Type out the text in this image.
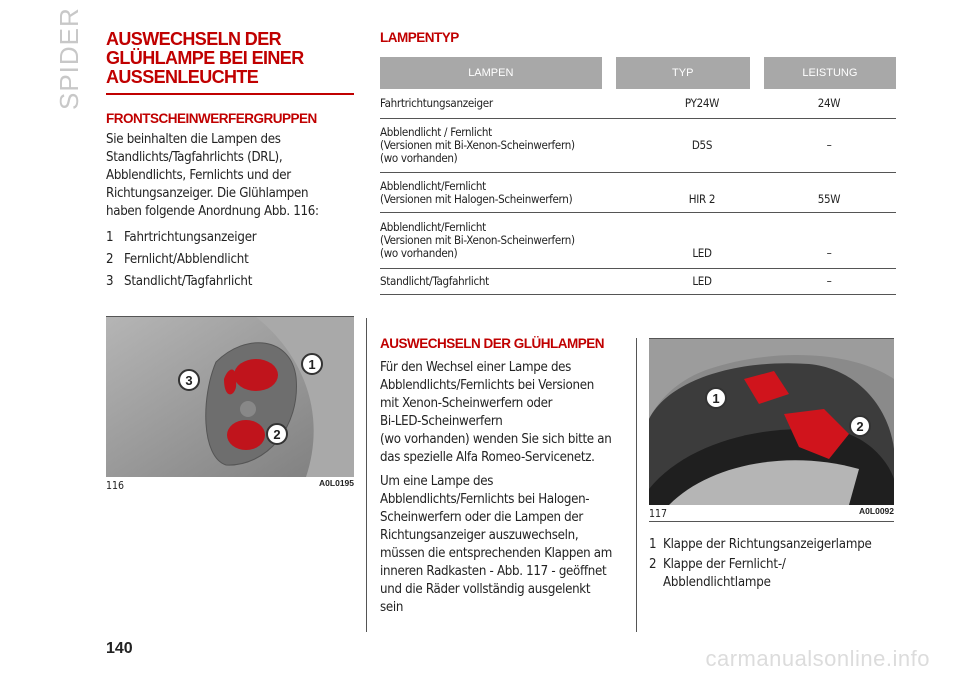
SPIDER AUSWECHSELN DER
GLÜHLAMPE BEI EINER
AUSSENLEUCHTE
FRONTSCHEINWERFERGRUPPEN
Sie beinhalten die Lampen des
Standlichts/Tagfahrlichts (DRL),
Abblendlichts, Fernlichts und der
Richtungsanzeiger. Die Glühlampen
haben folgende Anordnung Abb. 116:
1 Fahrtrichtungsanzeiger
2 Fernlicht/Abblendlicht
3 Standlicht/Tagfahrlicht
1
2
3
116	A0L0195
LAMPENTYP
LAMPEN	TYP	LEISTUNG
Fahrtrichtungsanzeiger	PY24W	24W
Abblendlicht / Fernlicht
(Versionen mit Bi-Xenon-Scheinwerfern)
(wo vorhanden)
D5S	–
Abblendlicht/Fernlicht
(Versionen mit Halogen-Scheinwerfern)	HIR 2	55W
Abblendlicht/Fernlicht
(Versionen mit Bi-Xenon-Scheinwerfern)
(wo vorhanden)	LED	–
Standlicht/Tagfahrlicht	LED	–
AUSWECHSELN DER GLÜHLAMPEN
Für den Wechsel einer Lampe des
Abblendlichts/Fernlichts bei Versionen
mit Xenon-Scheinwerfern oder
Bi-LED-Scheinwerfern
(wo vorhanden) wenden Sie sich bitte an
das spezielle Alfa Romeo-Servicenetz.
Um eine Lampe des
Abblendlichts/Fernlichts bei Halogen-
Scheinwerfern oder die Lampen der
Richtungsanzeiger auszuwechseln,
müssen die entsprechenden Klappen am
inneren Radkasten - Abb. 117 - geöffnet
und die Räder vollständig ausgelenkt
sein
1
2
117	A0L0092
1 Klappe der Richtungsanzeigerlampe
2 Klappe der Fernlicht-/
Abblendlichtlampe
140	carmanualsonline.info
